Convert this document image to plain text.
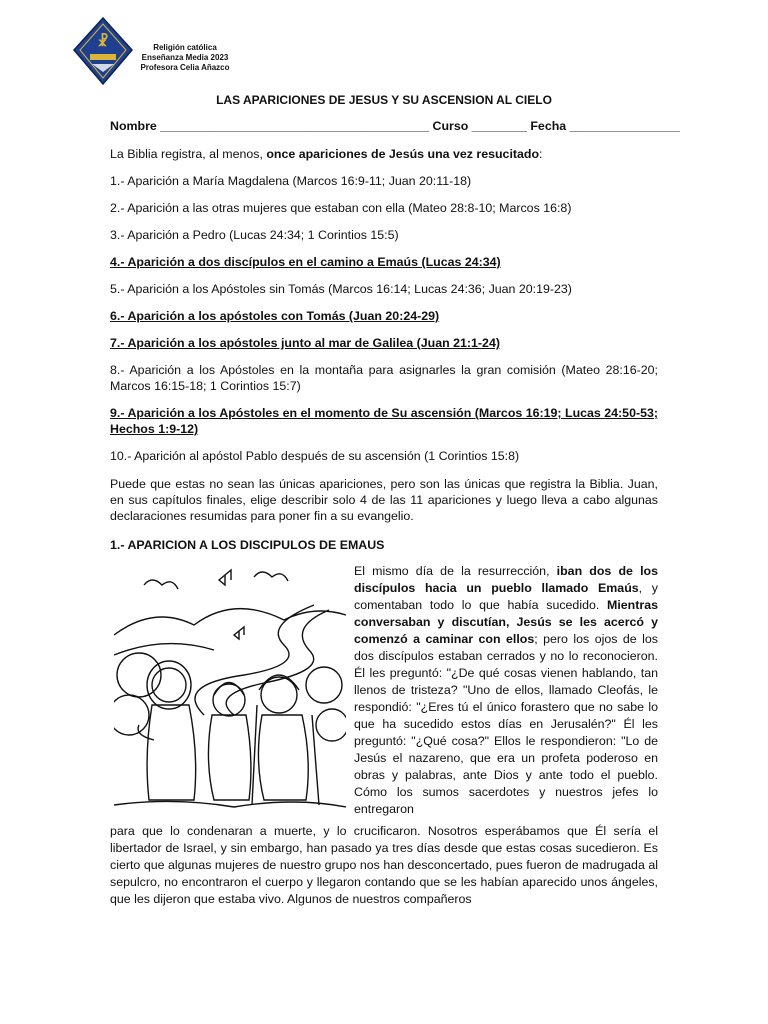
☧	Religión católica
Enseñanza Media 2023
Profesora Celia Añazco
LAS APARICIONES DE JESUS Y SU ASCENSION AL CIELO
Nombre _______________________________________ Curso ________ Fecha ________________

La Biblia registra, al menos, once apariciones de Jesús una vez resucitado:

1.- Aparición a María Magdalena (Marcos 16:9-11; Juan 20:11-18)

2.- Aparición a las otras mujeres que estaban con ella (Mateo 28:8-10; Marcos 16:8)

3.- Aparición a Pedro (Lucas 24:34; 1 Corintios 15:5)

4.- Aparición a dos discípulos en el camino a Emaús (Lucas 24:34)

5.- Aparición a los Apóstoles sin Tomás (Marcos 16:14; Lucas 24:36; Juan 20:19-23)

6.- Aparición a los apóstoles con Tomás (Juan 20:24-29)

7.- Aparición a los apóstoles junto al mar de Galilea (Juan 21:1-24)

8.- Aparición a los Apóstoles en la montaña para asignarles la gran comisión (Mateo 28:16-20; Marcos 16:15-18; 1 Corintios 15:7)

9.- Aparición a los Apóstoles en el momento de Su ascensión (Marcos 16:19; Lucas 24:50-53; Hechos 1:9-12)

10.- Aparición al apóstol Pablo después de su ascensión (1 Corintios 15:8)

Puede que estas no sean las únicas apariciones, pero son las únicas que registra la Biblia. Juan, en sus capítulos finales, elige describir solo 4 de las 11 apariciones y luego lleva a cabo algunas declaraciones resumidas para poner fin a su evangelio.

1.- APARICION A LOS DISCIPULOS DE EMAUS

El mismo día de la resurrección, iban dos de los discípulos hacia un pueblo llamado Emaús, y comentaban todo lo que había sucedido. Mientras conversaban y discutían, Jesús se les acercó y comenzó a caminar con ellos; pero los ojos de los dos discípulos estaban cerrados y no lo reconocieron. Él les preguntó: "¿De qué cosas vienen hablando, tan llenos de tristeza? "Uno de ellos, llamado Cleofás, le respondió: "¿Eres tú el único forastero que no sabe lo que ha sucedido estos días en Jerusalén?" Él les preguntó: "¿Qué cosa?" Ellos le respondieron: "Lo de Jesús el nazareno, que era un profeta poderoso en obras y palabras, ante Dios y ante todo el pueblo. Cómo los sumos sacerdotes y nuestros jefes lo entregaron

para que lo condenaran a muerte, y lo crucificaron. Nosotros esperábamos que Él sería el libertador de Israel, y sin embargo, han pasado ya tres días desde que estas cosas sucedieron. Es cierto que algunas mujeres de nuestro grupo nos han desconcertado, pues fueron de madrugada al sepulcro, no encontraron el cuerpo y llegaron contando que se les habían aparecido unos ángeles, que les dijeron que estaba vivo. Algunos de nuestros compañeros
